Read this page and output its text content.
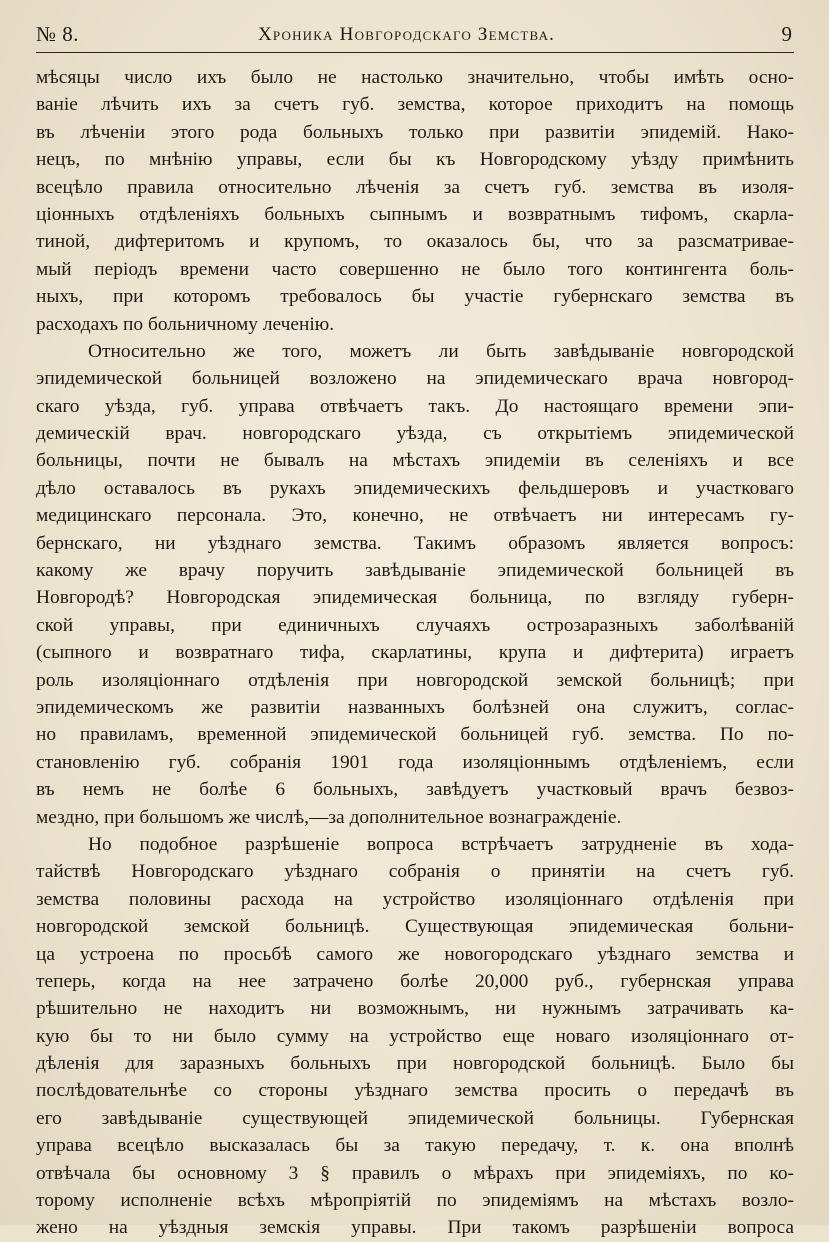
№ 8.	Хроника Новгородскаго Земства.	9
мѣсяцы число ихъ было не настолько значительно, чтобы имѣть осно-
ваніе лѣчить ихъ за счетъ губ. земства, которое приходитъ на помощь
въ лѣченіи этого рода больныхъ только при развитіи эпидемій. Нако-
нецъ, по мнѣнію управы, если бы къ Новгородскому уѣзду примѣнить
всецѣло правила относительно лѣченія за счетъ губ. земства въ изоля-
ціонныхъ отдѣленіяхъ больныхъ сыпнымъ и возвратнымъ тифомъ, скарла-
тиной, дифтеритомъ и крупомъ, то оказалось бы, что за разсматривае-
мый періодъ времени часто совершенно не было того контингента боль-
ныхъ, при которомъ требовалось бы участіе губернскаго земства въ
расходахъ по больничному леченію.
Относительно же того, можетъ ли быть завѣдываніе новгородской
эпидемической больницей возложено на эпидемическаго врача новгород-
скаго уѣзда, губ. управа отвѣчаетъ такъ. До настоящаго времени эпи-
демическій врач. новгородскаго уѣзда, съ открытіемъ эпидемической
больницы, почти не бывалъ на мѣстахъ эпидеміи въ селеніяхъ и все
дѣло оставалось въ рукахъ эпидемическихъ фельдшеровъ и участковаго
медицинскаго персонала. Это, конечно, не отвѣчаетъ ни интересамъ гу-
бернскаго, ни уѣзднаго земства. Такимъ образомъ является вопросъ:
какому же врачу поручить завѣдываніе эпидемической больницей въ
Новгородѣ? Новгородская эпидемическая больница, по взгляду губерн-
ской управы, при единичныхъ случаяхъ острозаразныхъ заболѣваній
(сыпного и возвратнаго тифа, скарлатины, крупа и дифтерита) играетъ
роль изоляціоннаго отдѣленія при новгородской земской больницѣ; при
эпидемическомъ же развитіи названныхъ болѣзней она служитъ, соглас-
но правиламъ, временной эпидемической больницей губ. земства. По по-
становленію губ. собранія 1901 года изоляціоннымъ отдѣленіемъ, если
въ немъ не болѣе 6 больныхъ, завѣдуетъ участковый врачъ безвоз-
мездно, при большомъ же числѣ,—за дополнительное вознагражденіе.
Но подобное разрѣшеніе вопроса встрѣчаетъ затрудненіе въ хода-
тайствѣ Новгородскаго уѣзднаго собранія о принятіи на счетъ губ.
земства половины расхода на устройство изоляціоннаго отдѣленія при
новгородской земской больницѣ. Существующая эпидемическая больни-
ца устроена по просьбѣ самого же новогородскаго уѣзднаго земства и
теперь, когда на нее затрачено болѣе 20,000 руб., губернская управа
рѣшительно не находитъ ни возможнымъ, ни нужнымъ затрачивать ка-
кую бы то ни было сумму на устройство еще новаго изоляціоннаго от-
дѣленія для заразныхъ больныхъ при новгородской больницѣ. Было бы
послѣдовательнѣе со стороны уѣзднаго земства просить о передачѣ въ
его завѣдываніе существующей эпидемической больницы. Губернская
управа всецѣло высказалась бы за такую передачу, т. к. она вполнѣ
отвѣчала бы основному 3 § правилъ о мѣрахъ при эпидеміяхъ, по ко-
торому исполненіе всѣхъ мѣропріятій по эпидеміямъ на мѣстахъ возло-
жено на уѣздныя земскія управы. При такомъ разрѣшеніи вопроса
